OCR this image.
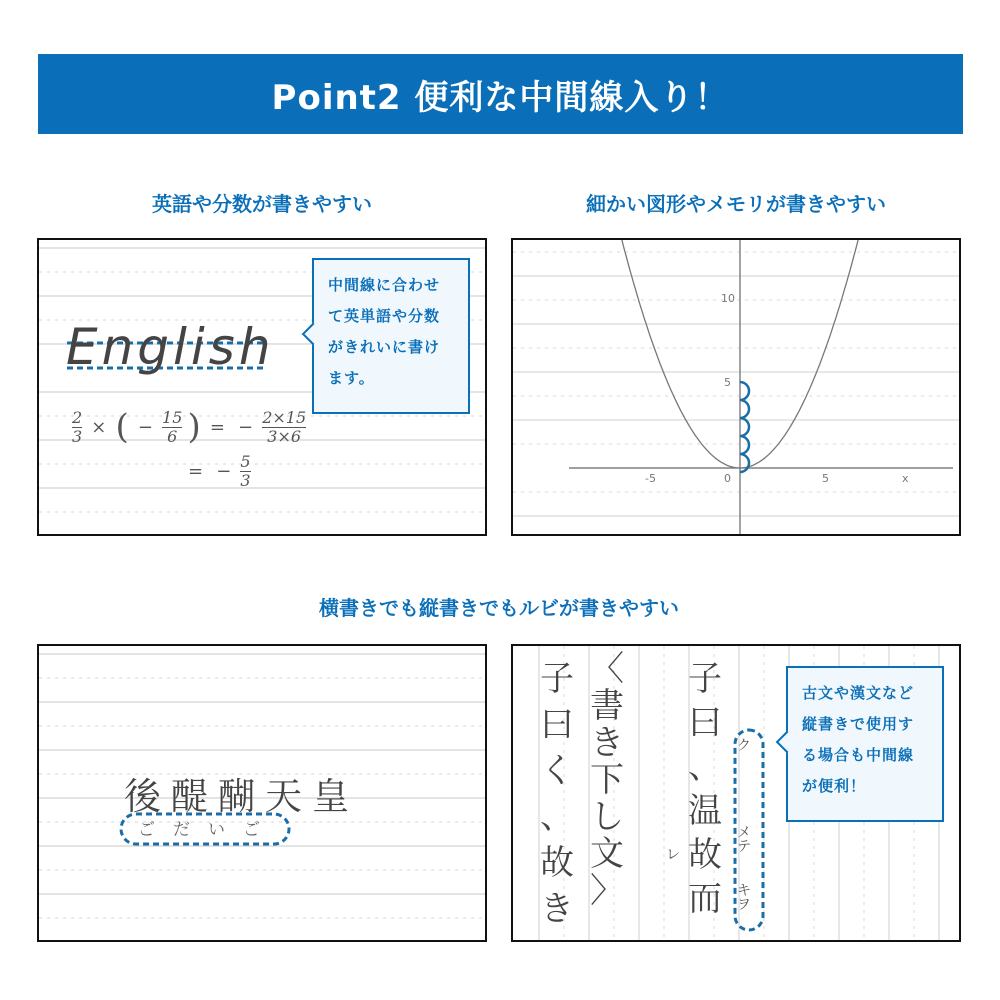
Point2 便利な中間線入り！
英語や分数が書きやすい	細かい図形やメモリが書きやすい
横書きでも縦書きでもルビが書きやすい
English
$\frac{2}{3}$ × ( − $\frac{15}{6}$ ) = − $\frac{2\times 15}{3\times 6}$
= − $\frac{5}{3}$
中間線に合わせ
て英単語や分数
がきれいに書け
ます。
10
5
-5	0	5	x
後醍醐天皇
ごだいご
子
曰
く
、
故
き
〈
書
き
下
し
文
〉
子
曰
、
温
故
而
レ
ク
メ
テ
キ
ヲ
古文や漢文など
縦書きで使用す
る場合も中間線
が便利！
